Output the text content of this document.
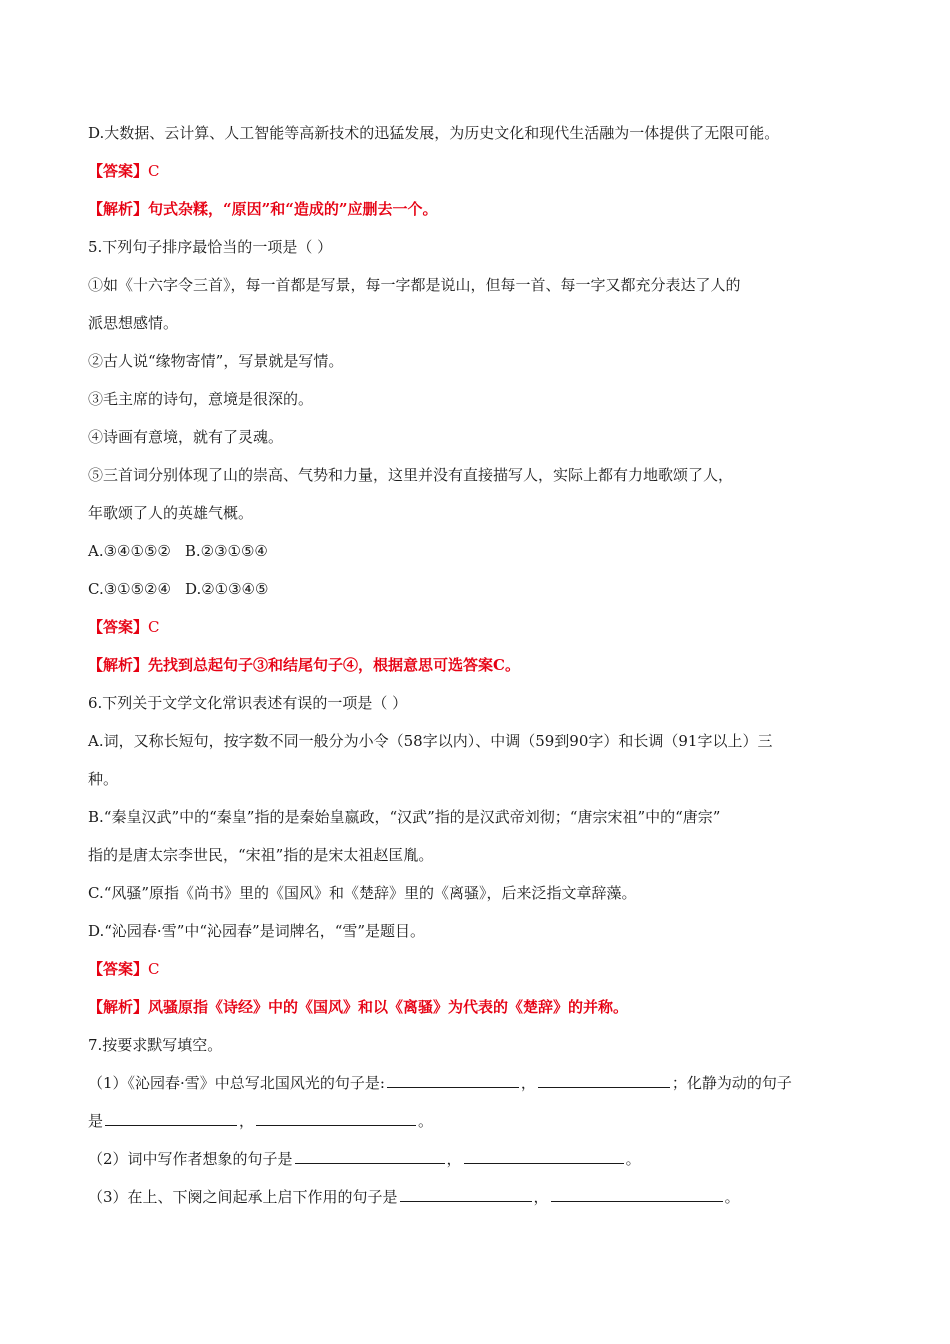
D.大数据、云计算、人工智能等高新技术的迅猛发展，为历史文化和现代生活融为一体提供了无限可能。
【答案】C
【解析】句式杂糅，“原因”和“造成的”应删去一个。
5.下列句子排序最恰当的一项是（ ）
①如《十六字令三首》，每一首都是写景，每一字都是说山，但每一首、每一字又都充分表达了人的
派思想感情。
②古人说“缘物寄情”，写景就是写情。
③毛主席的诗句，意境是很深的。
④诗画有意境，就有了灵魂。
⑤三首词分别体现了山的崇高、气势和力量，这里并没有直接描写人，实际上都有力地歌颂了人，
年歌颂了人的英雄气概。
A.③④①⑤② B.②③①⑤④
C.③①⑤②④ D.②①③④⑤
【答案】C
【解析】先找到总起句子③和结尾句子④，根据意思可选答案C。
6.下列关于文学文化常识表述有误的一项是（ ）
A.词，又称长短句，按字数不同一般分为小令（58字以内）、中调（59到90字）和长调（91字以上）三
种。
B.“秦皇汉武”中的“秦皇”指的是秦始皇嬴政，“汉武”指的是汉武帝刘彻；“唐宗宋祖”中的“唐宗”
指的是唐太宗李世民，“宋祖”指的是宋太祖赵匡胤。
C.“风骚”原指《尚书》里的《国风》和《楚辞》里的《离骚》，后来泛指文章辞藻。
D.“沁园春·雪”中“沁园春”是词牌名，“雪”是题目。
【答案】C
【解析】风骚原指《诗经》中的《国风》和以《离骚》为代表的《楚辞》的并称。
7.按要求默写填空。
（1）《沁园春·雪》中总写北国风光的句子是:	，	；化静为动的句子
是	，	。
（2）词中写作者想象的句子是	，	。
（3）在上、下阕之间起承上启下作用的句子是	，	。
